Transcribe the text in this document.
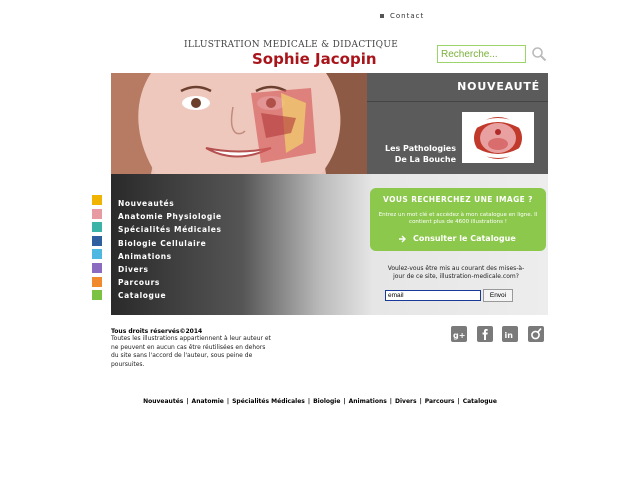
Contact
ILLUSTRATION MEDICALE & DIDACTIQUE
Sophie Jacopin
Recherche...
NOUVEAUTÉ
Les Pathologies De La Bouche
Nouveautés
Anatomie Physiologie
Spécialités Médicales
Biologie Cellulaire
Animations
Divers
Parcours
Catalogue
VOUS RECHERCHEZ UNE IMAGE ?
Entrez un mot clé et accédez à mon catalogue en ligne. Il contient plus de 4600 illustrations !
Consulter le Catalogue
Voulez-vous être mis au courant des mises-à-jour de ce site, illustration-medicale.com?
email
Envoi
Tous droits réservés©2014
Toutes les illustrations appartiennent à leur auteur et ne peuvent en aucun cas être réutilisées en dehors du site sans l'accord de l'auteur, sous peine de poursuites.
g+	in
Nouveautés | Anatomie | Spécialités Médicales | Biologie | Animations | Divers | Parcours | Catalogue
